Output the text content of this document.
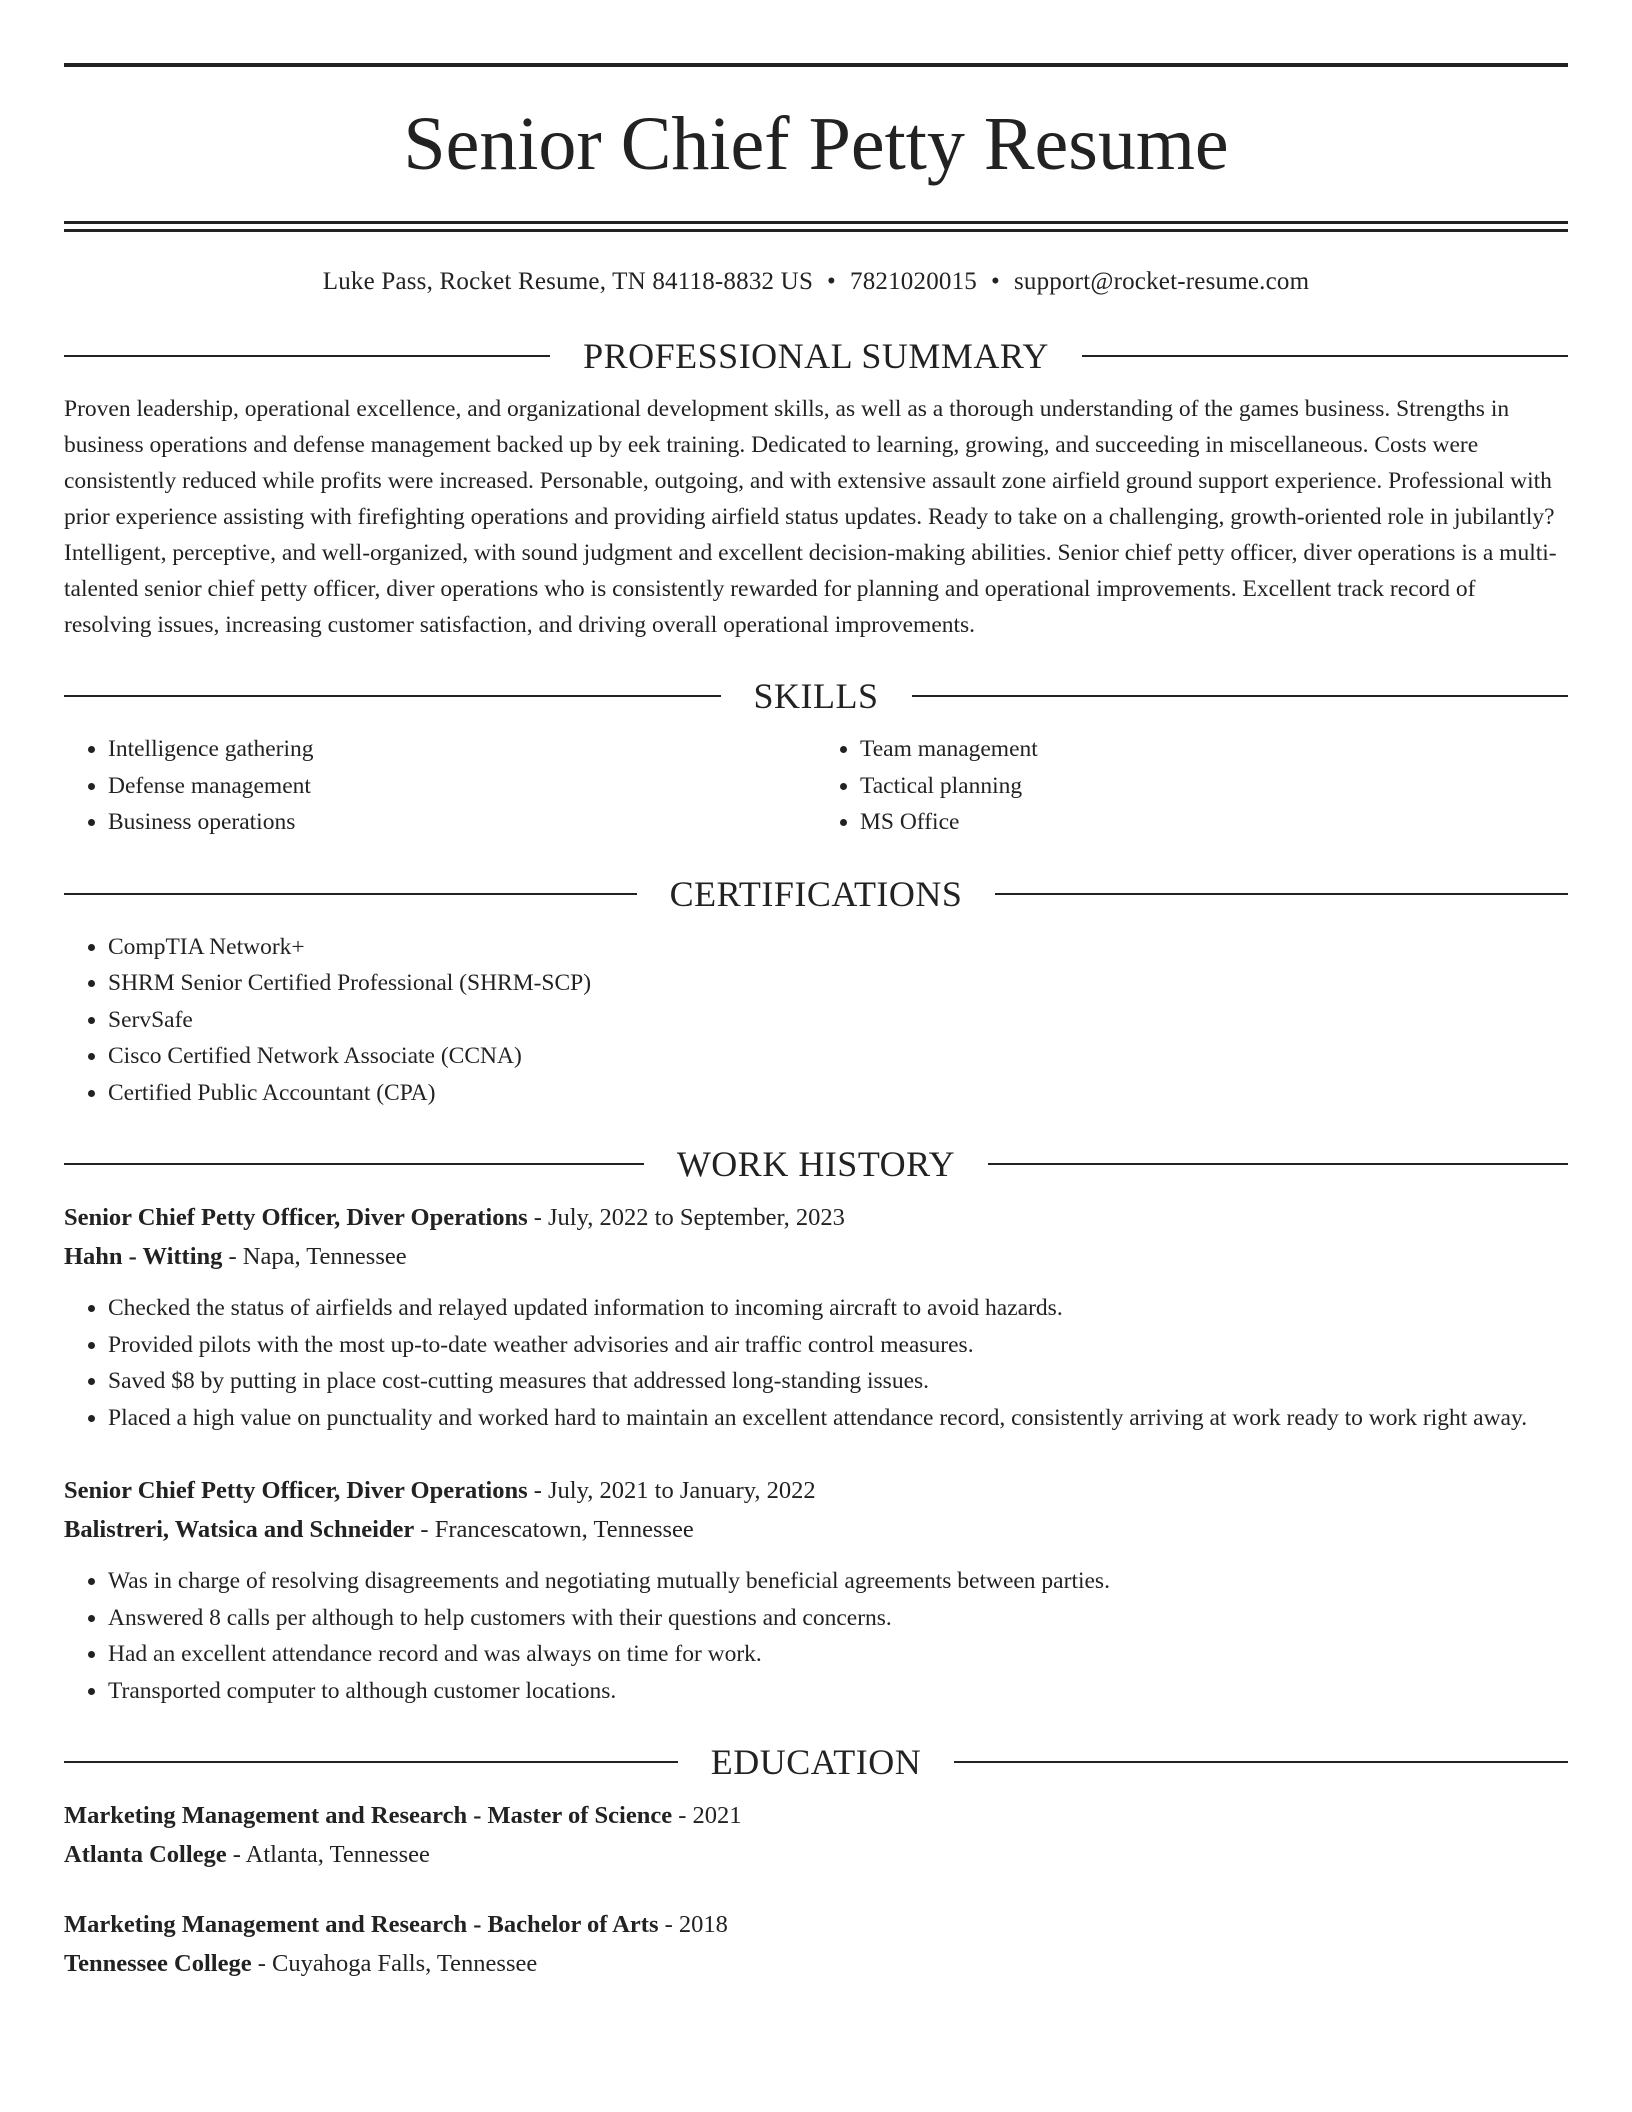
Senior Chief Petty Resume
Luke Pass, Rocket Resume, TN 84118-8832 US • 7821020015 • support@rocket-resume.com
PROFESSIONAL SUMMARY

Proven leadership, operational excellence, and organizational development skills, as well as a thorough understanding of the games business. Strengths in business operations and defense management backed up by eek training. Dedicated to learning, growing, and succeeding in miscellaneous. Costs were consistently reduced while profits were increased. Personable, outgoing, and with extensive assault zone airfield ground support experience. Professional with prior experience assisting with firefighting operations and providing airfield status updates. Ready to take on a challenging, growth-oriented role in jubilantly? Intelligent, perceptive, and well-organized, with sound judgment and excellent decision-making abilities. Senior chief petty officer, diver operations is a multi-talented senior chief petty officer, diver operations who is consistently rewarded for planning and operational improvements. Excellent track record of resolving issues, increasing customer satisfaction, and driving overall operational improvements.

SKILLS
• Intelligence gathering
• Defense management
• Business operations
• Team management
• Tactical planning
• MS Office
CERTIFICATIONS
• CompTIA Network+
• SHRM Senior Certified Professional (SHRM-SCP)
• ServSafe
• Cisco Certified Network Associate (CCNA)
• Certified Public Accountant (CPA)
WORK HISTORY
Senior Chief Petty Officer, Diver Operations - July, 2022 to September, 2023
Hahn - Witting - Napa, Tennessee
• Checked the status of airfields and relayed updated information to incoming aircraft to avoid hazards.
• Provided pilots with the most up-to-date weather advisories and air traffic control measures.
• Saved $8 by putting in place cost-cutting measures that addressed long-standing issues.
• Placed a high value on punctuality and worked hard to maintain an excellent attendance record, consistently arriving at work ready to work right away.
Senior Chief Petty Officer, Diver Operations - July, 2021 to January, 2022
Balistreri, Watsica and Schneider - Francescatown, Tennessee
• Was in charge of resolving disagreements and negotiating mutually beneficial agreements between parties.
• Answered 8 calls per although to help customers with their questions and concerns.
• Had an excellent attendance record and was always on time for work.
• Transported computer to although customer locations.
EDUCATION
Marketing Management and Research - Master of Science - 2021
Atlanta College - Atlanta, Tennessee
Marketing Management and Research - Bachelor of Arts - 2018
Tennessee College - Cuyahoga Falls, Tennessee
